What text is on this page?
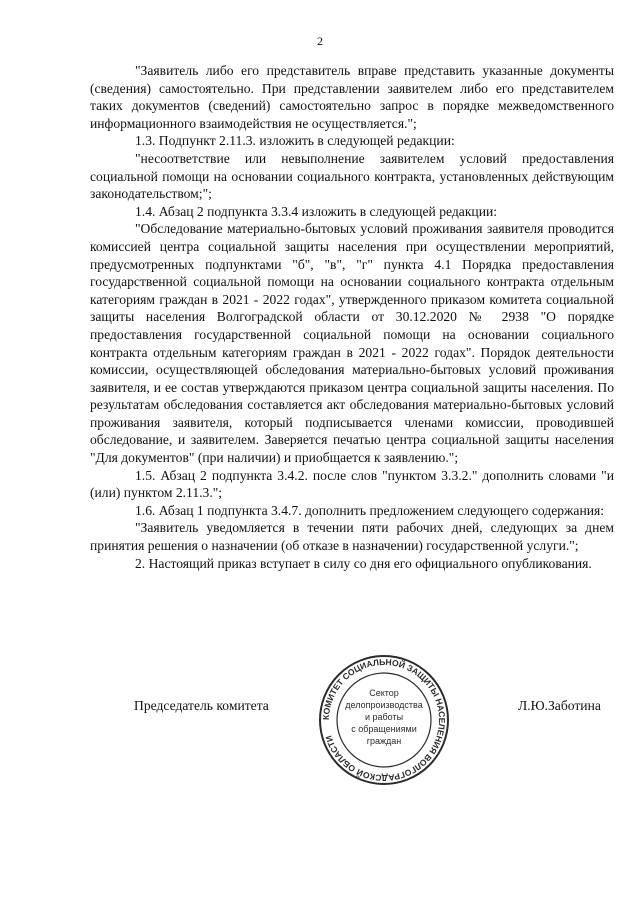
2

"Заявитель либо его представитель вправе представить указанные документы (сведения) самостоятельно. При представлении заявителем либо его представителем таких документов (сведений) самостоятельно запрос в порядке межведомственного информационного взаимодействия не осуществляется.";

1.3. Подпункт 2.11.3. изложить в следующей редакции:

"несоответствие или невыполнение заявителем условий предоставления социальной помощи на основании социального контракта, установленных действующим законодательством;";

1.4. Абзац 2 подпункта 3.3.4 изложить в следующей редакции:

"Обследование материально-бытовых условий проживания заявителя проводится комиссией центра социальной защиты населения при осуществлении мероприятий, предусмотренных подпунктами "б", "в", "г" пункта 4.1 Порядка предоставления государственной социальной помощи на основании социального контракта отдельным категориям граждан в 2021 - 2022 годах", утвержденного приказом комитета социальной защиты населения Волгоградской области от 30.12.2020 № 2938 "О порядке предоставления государственной социальной помощи на основании социального контракта отдельным категориям граждан в 2021 - 2022 годах". Порядок деятельности комиссии, осуществляющей обследования материально-бытовых условий проживания заявителя, и ее состав утверждаются приказом центра социальной защиты населения. По результатам обследования составляется акт обследования материально-бытовых условий проживания заявителя, который подписывается членами комиссии, проводившей обследование, и заявителем. Заверяется печатью центра социальной защиты населения "Для документов" (при наличии) и приобщается к заявлению.";

1.5. Абзац 2 подпункта 3.4.2. после слов "пунктом 3.3.2." дополнить словами "и (или) пунктом 2.11.3.";

1.6. Абзац 1 подпункта 3.4.7. дополнить предложением следующего содержания:

"Заявитель уведомляется в течении пяти рабочих дней, следующих за днем принятия решения о назначении (об отказе в назначении) государственной услуги.";

2. Настоящий приказ вступает в силу со дня его официального опубликования.

КОМИТЕТ СОЦИАЛЬНОЙ ЗАЩИТЫ НАСЕЛЕНИЯ ВОЛГОГРАДСКОЙ ОБЛАСТИ
Сектор
делопроизводства
и работы
с обращениями
граждан
Председатель комитета	Л.Ю.Заботина
